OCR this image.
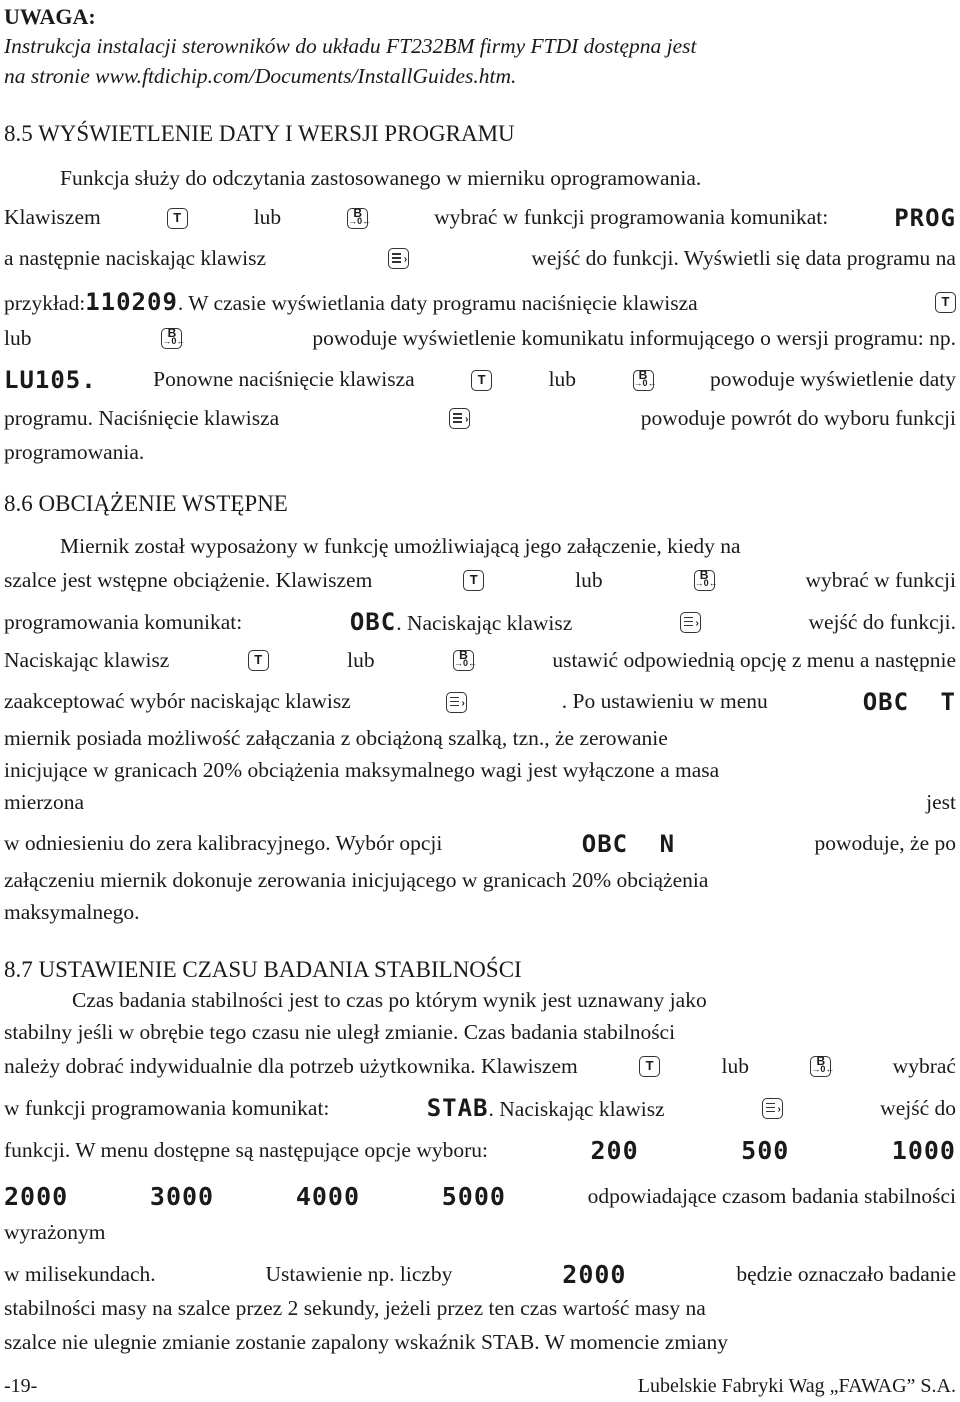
UWAGA:
Instrukcja instalacji sterowników do układu FT232BM firmy FTDI dostępna jest
na stronie www.ftdichip.com/Documents/InstallGuides.htm.
8.5 WYŚWIETLENIE DATY I WERSJI PROGRAMU
Funkcja służy do odczytania zastosowanego w mierniku oprogramowania.
Klawiszem T	lub	B
→0←	wybrać w funkcji programowania komunikat:	PROG
a następnie naciskając klawisz	›	wejść do funkcji. Wyświetli się data programu na
przykład:110209. W czasie wyświetlania daty programu naciśnięcie klawisza
T
lub	B
→0←	powoduje wyświetlenie komunikatu informującego o wersji programu: np.
LU105.	Ponowne naciśnięcie klawisza T	lub	B
→0← powoduje wyświetlenie daty
programu. Naciśnięcie klawisza	›	powoduje powrót do wyboru funkcji
programowania.
8.6 OBCIĄŻENIE WSTĘPNE
Miernik został wyposażony w funkcję umożliwiającą jego załączenie, kiedy na
szalce jest wstępne obciążenie. Klawiszem T	lub	B
→0←	wybrać w funkcji
programowania komunikat:	OBC. Naciskając klawisz	›	wejść do funkcji.
Naciskając klawisz T	lub	B
→0←	ustawić odpowiednią opcję z menu a następnie
zaakceptować wybór naciskając klawisz	›	. Po ustawieniu w menu	OBC T
miernik posiada możliwość załączania z obciążoną szalką, tzn., że zerowanie
inicjujące w granicach 20% obciążenia maksymalnego wagi jest wyłączone a masa
mierzona	jest
w odniesieniu do zera kalibracyjnego. Wybór opcji	OBC N	powoduje, że po
załączeniu miernik dokonuje zerowania inicjującego w granicach 20% obciążenia
maksymalnego.
8.7 USTAWIENIE CZASU BADANIA STABILNOŚCI
Czas badania stabilności jest to czas po którym wynik jest uznawany jako
stabilny jeśli w obrębie tego czasu nie uległ zmianie. Czas badania stabilności
należy dobrać indywidualnie dla potrzeb użytkownika. Klawiszem T	lub	B
→0←	wybrać
w funkcji programowania komunikat:	STAB. Naciskając klawisz	›	wejść do
funkcji. W menu dostępne są następujące opcje wyboru:	200	500	1000
2000	3000	4000	5000	odpowiadające czasom badania stabilności
wyrażonym
w milisekundach.	Ustawienie np. liczby	2000	będzie oznaczało badanie
stabilności masy na szalce przez 2 sekundy, jeżeli przez ten czas wartość masy na
szalce nie ulegnie zmianie zostanie zapalony wskaźnik STAB. W momencie zmiany
-19-	Lubelskie Fabryki Wag „FAWAG” S.A.
